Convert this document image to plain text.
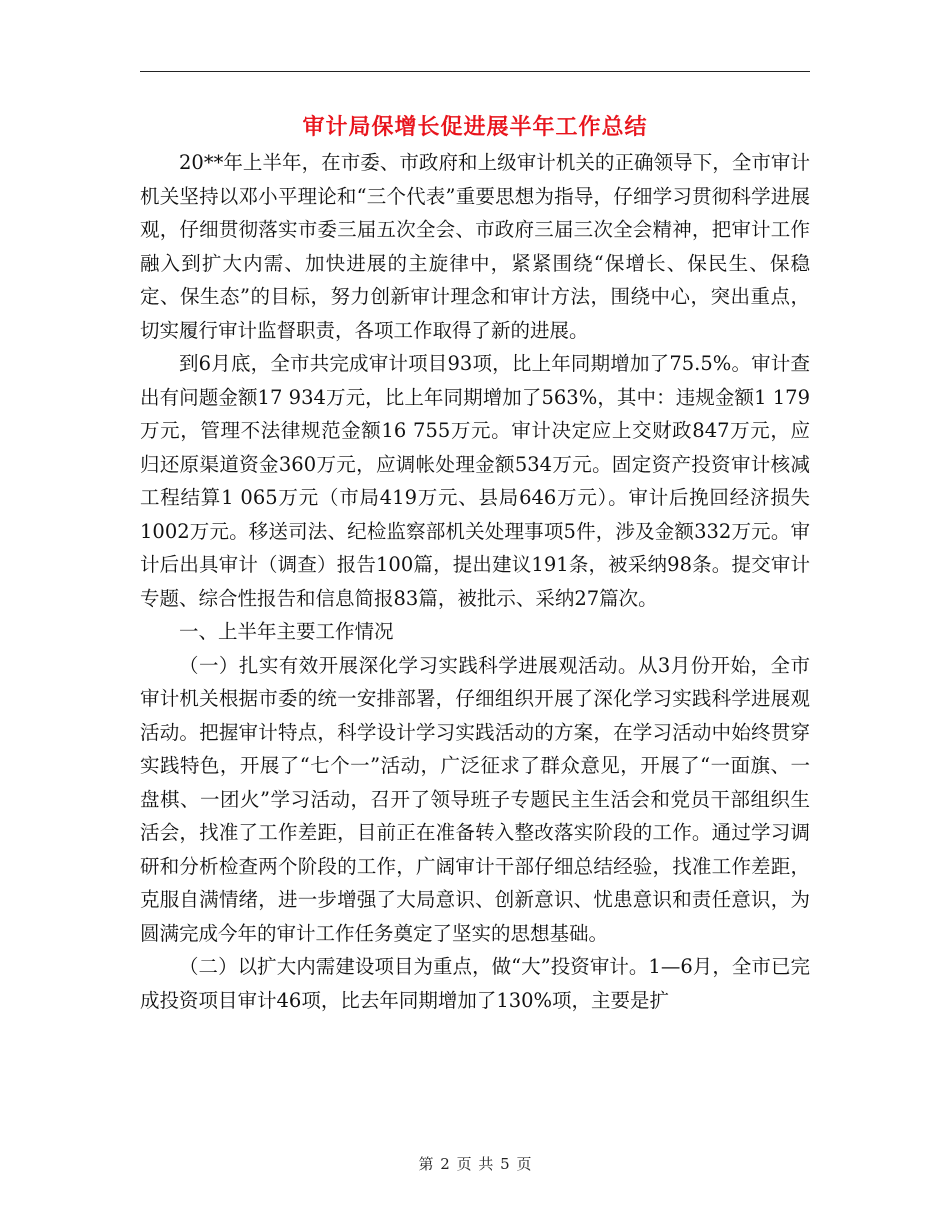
审计局保增长促进展半年工作总结

20**年上半年，在市委、市政府和上级审计机关的正确领导下，全市审计机关坚持以邓小平理论和“三个代表”重要思想为指导，仔细学习贯彻科学进展观，仔细贯彻落实市委三届五次全会、市政府三届三次全会精神，把审计工作融入到扩大内需、加快进展的主旋律中，紧紧围绕“保增长、保民生、保稳定、保生态”的目标，努力创新审计理念和审计方法，围绕中心，突出重点，切实履行审计监督职责，各项工作取得了新的进展。

到6月底，全市共完成审计项目93项，比上年同期增加了75.5%。审计查出有问题金额17 934万元，比上年同期增加了563%，其中：违规金额1 179万元，管理不法律规范金额16 755万元。审计决定应上交财政847万元，应归还原渠道资金360万元，应调帐处理金额534万元。固定资产投资审计核减工程结算1 065万元（市局419万元、县局646万元）。审计后挽回经济损失1002万元。移送司法、纪检监察部机关处理事项5件，涉及金额332万元。审计后出具审计（调查）报告100篇，提出建议191条，被采纳98条。提交审计专题、综合性报告和信息简报83篇，被批示、采纳27篇次。

一、上半年主要工作情况

（一）扎实有效开展深化学习实践科学进展观活动。从3月份开始，全市审计机关根据市委的统一安排部署，仔细组织开展了深化学习实践科学进展观活动。把握审计特点，科学设计学习实践活动的方案，在学习活动中始终贯穿实践特色，开展了“七个一”活动，广泛征求了群众意见，开展了“一面旗、一盘棋、一团火”学习活动，召开了领导班子专题民主生活会和党员干部组织生活会，找准了工作差距，目前正在准备转入整改落实阶段的工作。通过学习调研和分析检查两个阶段的工作，广阔审计干部仔细总结经验，找准工作差距，克服自满情绪，进一步增强了大局意识、创新意识、忧患意识和责任意识，为圆满完成今年的审计工作任务奠定了坚实的思想基础。

（二）以扩大内需建设项目为重点，做“大”投资审计。1—6月，全市已完成投资项目审计46项，比去年同期增加了130%项，主要是扩

第 2 页 共 5 页
